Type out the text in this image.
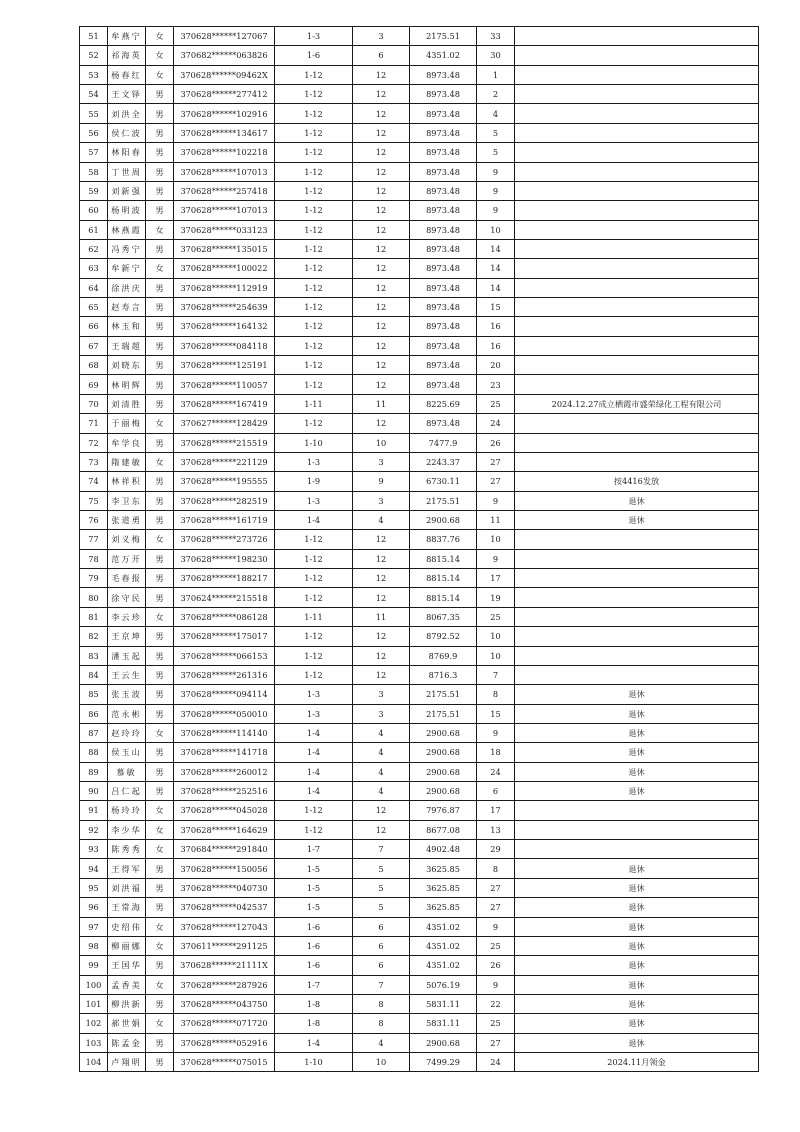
51	牟燕宁	女	370628******127067	1-3	3	2175.51	33	
52	祁海英	女	370682******063826	1-6	6	4351.02	30	
53	杨春红	女	370628******09462X	1-12	12	8973.48	1	
54	王文铎	男	370628******277412	1-12	12	8973.48	2	
55	刘洪全	男	370628******102916	1-12	12	8973.48	4	
56	侯仁波	男	370628******134617	1-12	12	8973.48	5	
57	林阳春	男	370628******102218	1-12	12	8973.48	5	
58	丁世周	男	370628******107013	1-12	12	8973.48	9	
59	刘新强	男	370628******257418	1-12	12	8973.48	9	
60	杨明波	男	370628******107013	1-12	12	8973.48	9	
61	林燕霞	女	370628******033123	1-12	12	8973.48	10	
62	冯秀宁	男	370628******135015	1-12	12	8973.48	14	
63	牟新宁	女	370628******100022	1-12	12	8973.48	14	
64	徐洪庆	男	370628******112919	1-12	12	8973.48	14	
65	赵寿言	男	370628******254639	1-12	12	8973.48	15	
66	林玉和	男	370628******164132	1-12	12	8973.48	16	
67	王瑞超	男	370628******084118	1-12	12	8973.48	16	
68	刘晓东	男	370628******125191	1-12	12	8973.48	20	
69	林明辉	男	370628******110057	1-12	12	8973.48	23	
70	刘清胜	男	370628******167419	1-11	11	8225.69	25	2024.12.27成立栖霞市盛荣绿化工程有限公司
71	于丽梅	女	370627******128429	1-12	12	8973.48	24	
72	牟学良	男	370628******215519	1-10	10	7477.9	26	
73	隋建敏	女	370628******221129	1-3	3	2243.37	27	
74	林祥积	男	370628******195555	1-9	9	6730.11	27	按4416发放
75	李卫东	男	370628******282519	1-3	3	2175.51	9	退休
76	张道勇	男	370628******161719	1-4	4	2900.68	11	退休
77	刘义梅	女	370628******273726	1-12	12	8837.76	10	
78	范万开	男	370628******198230	1-12	12	8815.14	9	
79	毛春报	男	370628******188217	1-12	12	8815.14	17	
80	徐守民	男	370624******215518	1-12	12	8815.14	19	
81	李云珍	女	370628******086128	1-11	11	8067.35	25	
82	王京坤	男	370628******175017	1-12	12	8792.52	10	
83	潘玉起	男	370628******066153	1-12	12	8769.9	10	
84	王云生	男	370628******261316	1-12	12	8716.3	7	
85	张玉波	男	370628******094114	1-3	3	2175.51	8	退休
86	范永彬	男	370628******050010	1-3	3	2175.51	15	退休
87	赵玲玲	女	370628******114140	1-4	4	2900.68	9	退休
88	侯玉山	男	370628******141718	1-4	4	2900.68	18	退休
89	慕敏	男	370628******260012	1-4	4	2900.68	24	退休
90	吕仁起	男	370628******252516	1-4	4	2900.68	6	退休
91	杨玲玲	女	370628******045028	1-12	12	7976.87	17	
92	李少华	女	370628******164629	1-12	12	8677.08	13	
93	陈秀秀	女	370684******291840	1-7	7	4902.48	29	
94	王得军	男	370628******150056	1-5	5	3625.85	8	退休
95	刘洪福	男	370628******040730	1-5	5	3625.85	27	退休
96	王常海	男	370628******042537	1-5	5	3625.85	27	退休
97	史绍伟	女	370628******127043	1-6	6	4351.02	9	退休
98	柳丽娜	女	370611******291125	1-6	6	4351.02	25	退休
99	王国华	男	370628******21111X	1-6	6	4351.02	26	退休
100	孟香美	女	370628******287926	1-7	7	5076.19	9	退休
101	柳洪新	男	370628******043750	1-8	8	5831.11	22	退休
102	郝世娟	女	370628******071720	1-8	8	5831.11	25	退休
103	陈孟金	男	370628******052916	1-4	4	2900.68	27	退休
104	卢翔明	男	370628******075015	1-10	10	7499.29	24	2024.11月领金
